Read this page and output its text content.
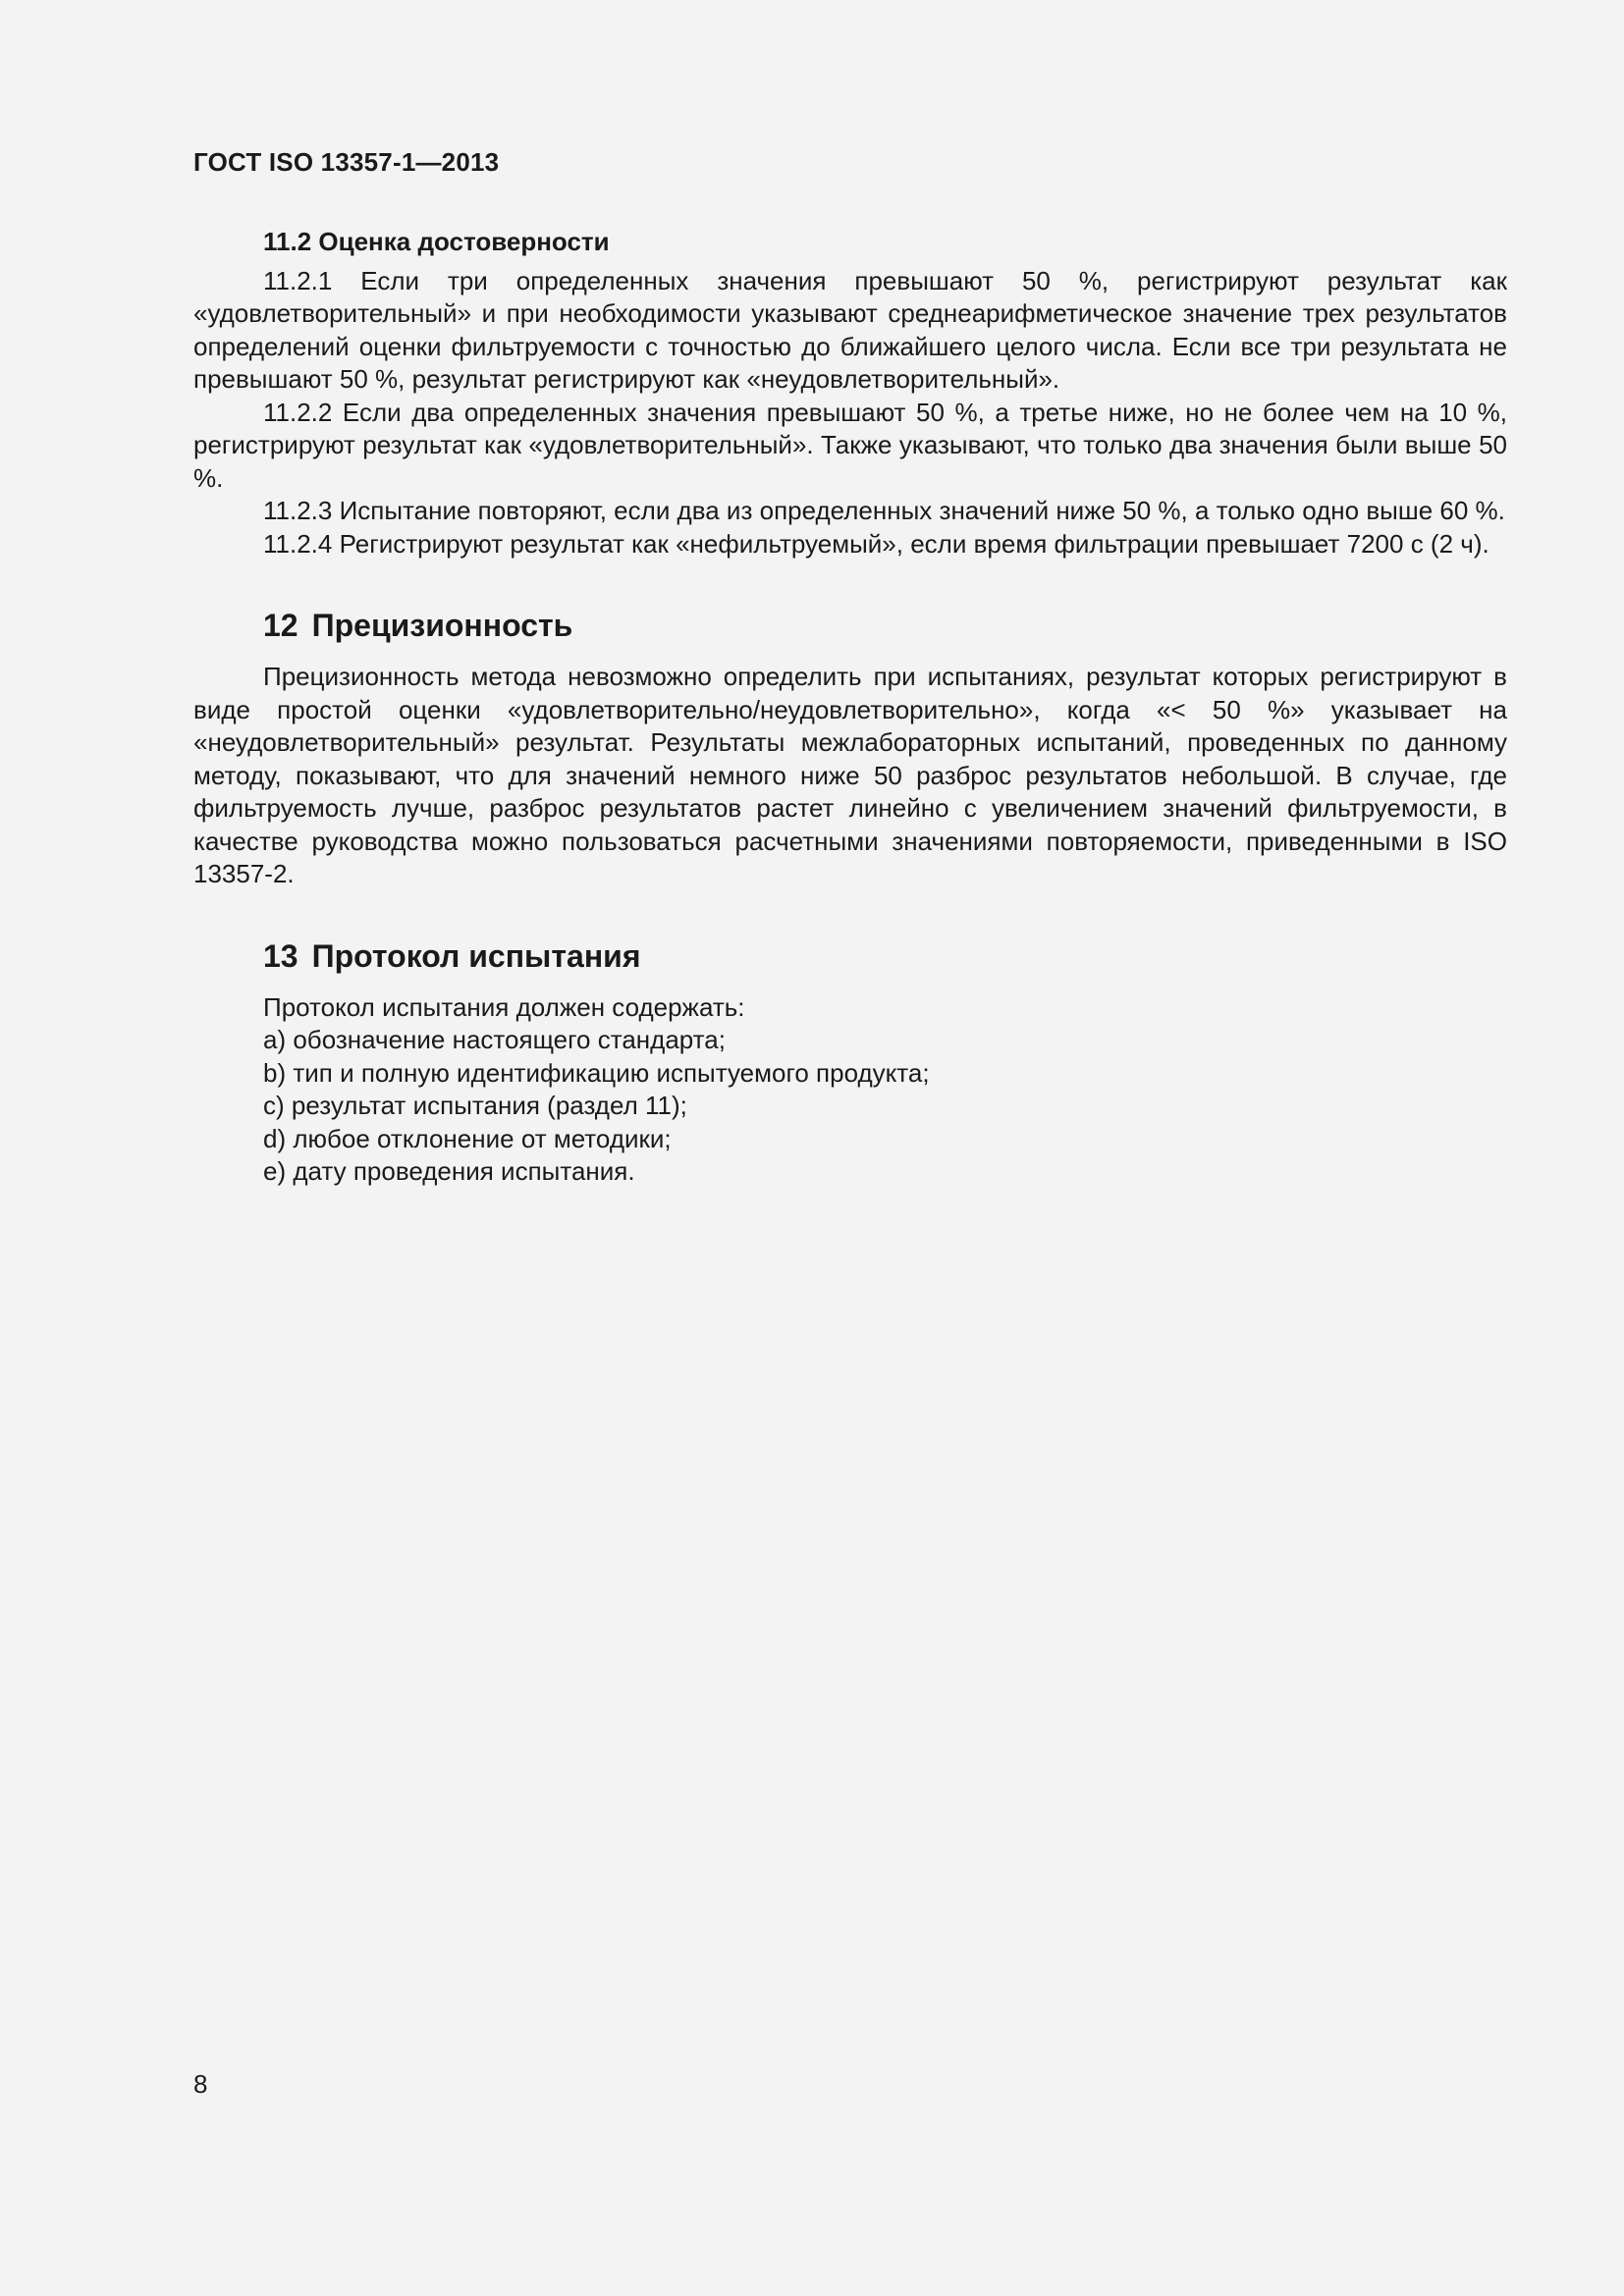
ГОСТ ISO 13357-1—2013
11.2 Оценка достоверности

11.2.1 Если три определенных значения превышают 50 %, регистрируют результат как «удовлетворительный» и при необходимости указывают среднеарифметическое значение трех результатов определений оценки фильтруемости с точностью до ближайшего целого числа. Если все три результата не превышают 50 %, результат регистрируют как «неудовлетворительный».

11.2.2 Если два определенных значения превышают 50 %, а третье ниже, но не более чем на 10 %, регистрируют результат как «удовлетворительный». Также указывают, что только два значения были выше 50 %.

11.2.3 Испытание повторяют, если два из определенных значений ниже 50 %, а только одно выше 60 %.

11.2.4 Регистрируют результат как «нефильтруемый», если время фильтрации превышает 7200 с (2 ч).

12 Прецизионность

Прецизионность метода невозможно определить при испытаниях, результат которых регистрируют в виде простой оценки «удовлетворительно/неудовлетворительно», когда «< 50 %» указывает на «неудовлетворительный» результат. Результаты межлабораторных испытаний, проведенных по данному методу, показывают, что для значений немного ниже 50 разброс результатов небольшой. В случае, где фильтруемость лучше, разброс результатов растет линейно с увеличением значений фильтруемости, в качестве руководства можно пользоваться расчетными значениями повторяемости, приведенными в ISO 13357-2.

13 Протокол испытания
Протокол испытания должен содержать:
a) обозначение настоящего стандарта;
b) тип и полную идентификацию испытуемого продукта;
c) результат испытания (раздел 11);
d) любое отклонение от методики;
e) дату проведения испытания.
8
